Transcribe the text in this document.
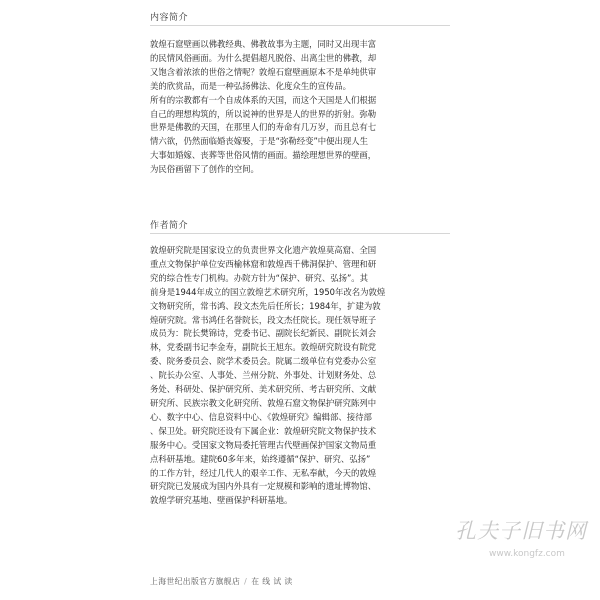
内容简介
敦煌石窟壁画以佛教经典、佛教故事为主题，同时又出现丰富
的民情风俗画面。为什么提倡超凡脱俗、出离尘世的佛教，却
又饱含着浓浓的世俗之情呢？敦煌石窟壁画原本不是单纯供审
美的欣赏品，而是一种弘扬佛法、化度众生的宣传品。
所有的宗教都有一个自成体系的天国，而这个天国是人们根据
自己的理想构筑的，所以说神的世界是人的世界的折射。弥勒
世界是佛教的天国，在那里人们的寿命有几万岁，而且总有七
情六欲，仍然面临婚丧嫁娶，于是“弥勒经变”中便出现人生
大事如婚嫁、丧葬等世俗风情的画面。描绘理想世界的壁画，
为民俗画留下了创作的空间。
作者简介
敦煌研究院是国家设立的负责世界文化遗产敦煌莫高窟、全国
重点文物保护单位安西榆林窟和敦煌西千佛洞保护、管理和研
究的综合性专门机构。办院方针为“保护、研究、弘扬”。其
前身是1944年成立的国立敦煌艺术研究所，1950年改名为敦煌
文物研究所，常书鸿、段文杰先后任所长；1984年，扩建为敦
煌研究院。常书鸿任名誉院长，段文杰任院长。现任领导班子
成员为：院长樊锦诗，党委书记、副院长纪新民、副院长刘会
林，党委副书记李金寿，副院长王旭东。敦煌研究院设有院党
委、院务委员会、院学术委员会。院属二级单位有党委办公室
、院长办公室、人事处、兰州分院、外事处、计划财务处、总
务处、科研处、保护研究所、美术研究所、考古研究所、文献
研究所、民族宗教文化研究所、敦煌石窟文物保护研究陈列中
心、数字中心、信息资料中心、《敦煌研究》编辑部、接待部
、保卫处。研究院还设有下属企业：敦煌研究院文物保护技术
服务中心。受国家文物局委托管理古代壁画保护国家文物局重
点科研基地。建院60多年来，始终遵循“保护、研究、弘扬”
的工作方针，经过几代人的艰辛工作、无私奉献，今天的敦煌
研究院已发展成为国内外具有一定规模和影响的遗址博物馆、
敦煌学研究基地、壁画保护科研基地。
上海世纪出版官方旗舰店 / 在 线 试 读
孔夫子旧书网
www.kongfz.com
